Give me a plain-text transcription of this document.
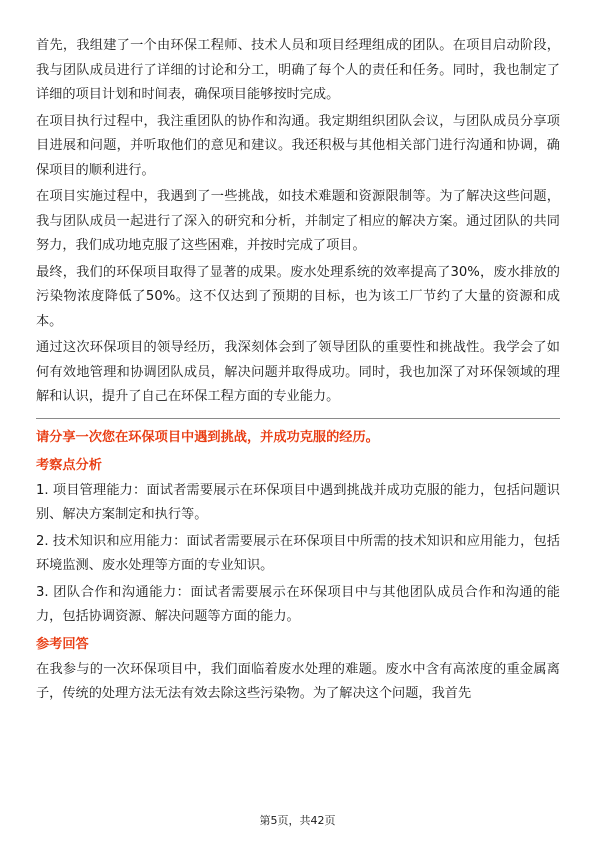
首先，我组建了一个由环保工程师、技术人员和项目经理组成的团队。在项目启动阶段，我与团队成员进行了详细的讨论和分工，明确了每个人的责任和任务。同时，我也制定了详细的项目计划和时间表，确保项目能够按时完成。

在项目执行过程中，我注重团队的协作和沟通。我定期组织团队会议，与团队成员分享项目进展和问题，并听取他们的意见和建议。我还积极与其他相关部门进行沟通和协调，确保项目的顺利进行。

在项目实施过程中，我遇到了一些挑战，如技术难题和资源限制等。为了解决这些问题，我与团队成员一起进行了深入的研究和分析，并制定了相应的解决方案。通过团队的共同努力，我们成功地克服了这些困难，并按时完成了项目。

最终，我们的环保项目取得了显著的成果。废水处理系统的效率提高了30%，废水排放的污染物浓度降低了50%。这不仅达到了预期的目标，也为该工厂节约了大量的资源和成本。

通过这次环保项目的领导经历，我深刻体会到了领导团队的重要性和挑战性。我学会了如何有效地管理和协调团队成员，解决问题并取得成功。同时，我也加深了对环保领域的理解和认识，提升了自己在环保工程方面的专业能力。

请分享一次您在环保项目中遇到挑战，并成功克服的经历。
考察点分析

1. 项目管理能力：面试者需要展示在环保项目中遇到挑战并成功克服的能力，包括问题识别、解决方案制定和执行等。

2. 技术知识和应用能力：面试者需要展示在环保项目中所需的技术知识和应用能力，包括环境监测、废水处理等方面的专业知识。

3. 团队合作和沟通能力：面试者需要展示在环保项目中与其他团队成员合作和沟通的能力，包括协调资源、解决问题等方面的能力。

参考回答

在我参与的一次环保项目中，我们面临着废水处理的难题。废水中含有高浓度的重金属离子，传统的处理方法无法有效去除这些污染物。为了解决这个问题，我首先

第5页，共42页
